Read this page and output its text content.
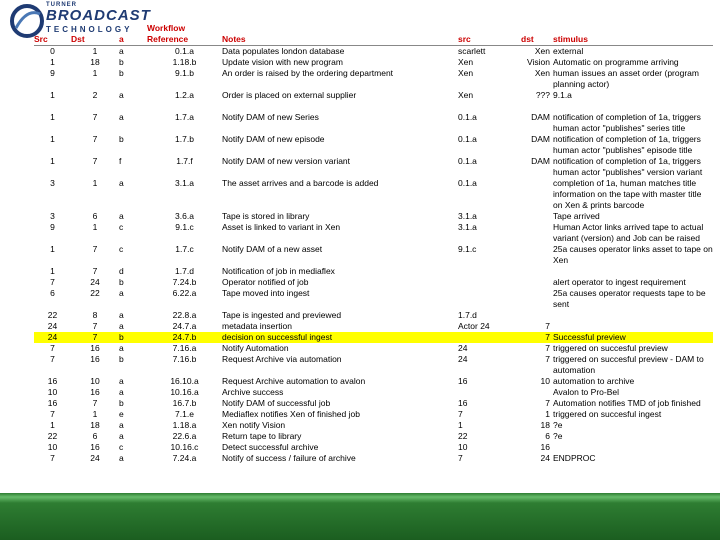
TURNER
BROADCAST
TECHNOLOGY
Src	Dst	a	Workflow Reference	Notes	src	dst	stimulus
0	1	a	0.1.a	Data populates london database	scarlett	Xen	external
1	18	b	1.18.b	Update vision with new program	Xen	Vision	Automatic on programme arriving
9	1	b	9.1.b	An order is raised by the ordering department	Xen	Xen	human issues an asset order (program planning actor)
1	2	a	1.2.a	Order is placed on external supplier	Xen	???	9.1.a
1	7	a	1.7.a	Notify DAM of new Series	0.1.a	DAM	notification of completion of 1a, triggers human actor "publishes" series title
1	7	b	1.7.b	Notify DAM of new episode	0.1.a	DAM	notification of completion of 1a, triggers human actor "publishes" episode title
1	7	f	1.7.f	Notify DAM of new version variant	0.1.a	DAM	notification of completion of 1a, triggers human actor "publishes" version variant
3	1	a	3.1.a	The asset arrives and a barcode is added	0.1.a		completion of 1a, human matches title information on the tape with master title on Xen & prints barcode
3	6	a	3.6.a	Tape is stored in library	3.1.a		Tape arrived
9	1	c	9.1.c	Asset is linked to variant in Xen	3.1.a		Human Actor links arrived tape to actual variant (version) and Job can be raised
1	7	c	1.7.c	Notify DAM of a new asset	9.1.c		25a causes operator links asset to tape on Xen
1	7	d	1.7.d	Notification of job in mediaflex			
7	24	b	7.24.b	Operator notified of job			alert operator to ingest requirement
6	22	a	6.22.a	Tape moved into ingest			25a causes operator requests tape to be sent
22	8	a	22.8.a	Tape is ingested and previewed	1.7.d		
24	7	a	24.7.a	metadata insertion	Actor 24	7	
24	7	b	24.7.b	decision on successful ingest		7	Successful preview
7	16	a	7.16.a	Notify Automation	24	7	triggered on succesful preview
7	16	b	7.16.b	Request Archive via automation	24	7	triggered on succesful preview - DAM to automation
16	10	a	16.10.a	Request Archive automation to avalon	16	10	automation to archive
10	16	a	10.16.a	Archive success			Avalon to Pro-Bel
16	7	b	16.7.b	Notify DAM of successful job	16	7	Automation notifies TMD of job finished
7	1	e	7.1.e	Mediaflex notifies Xen of finished job	7	1	triggered on succesful ingest
1	18	a	1.18.a	Xen notify Vision	1	18	?e
22	6	a	22.6.a	Return tape to library	22	6	?e
10	16	c	10.16.c	Detect successful archive	10	16	
7	24	a	7.24.a	Notify of success / failure of archive	7	24	ENDPROC
